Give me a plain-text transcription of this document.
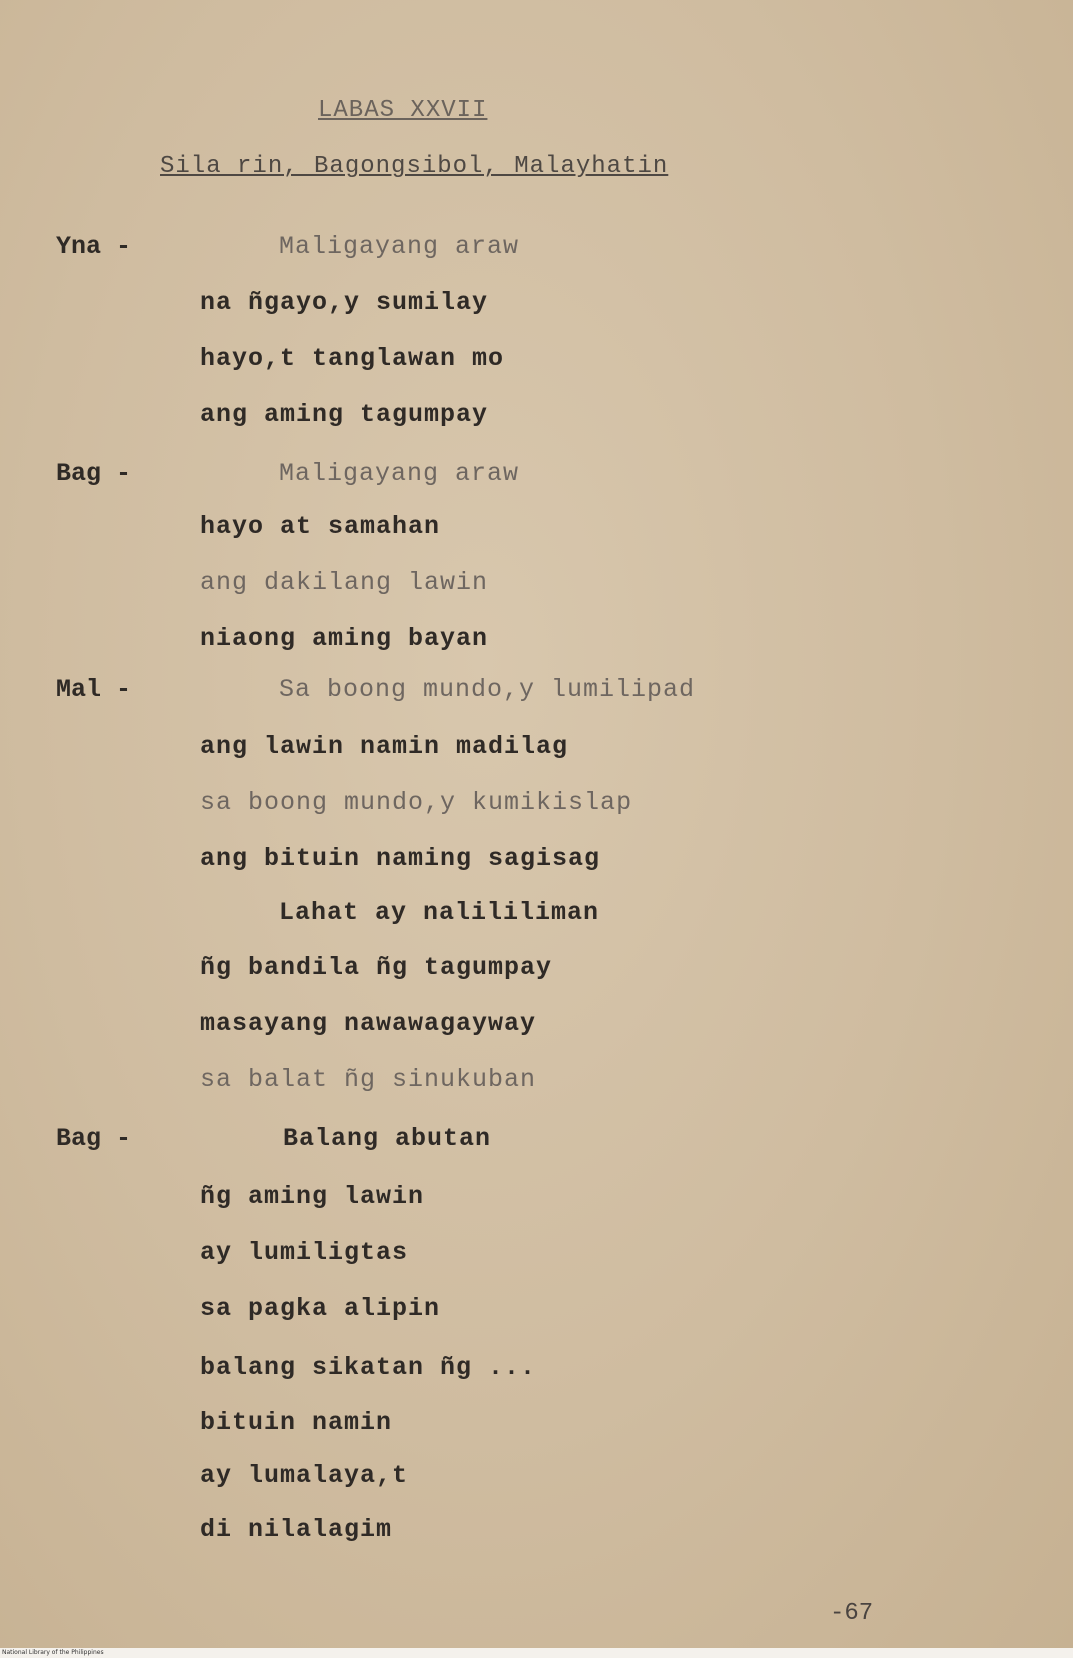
LABAS XXVII
Sila rin, Bagongsibol, Malayhatin
Yna -
Bag -
Mal -
Bag -
Maligayang araw
na ñgayo,y sumilay
hayo,t tanglawan mo
ang aming tagumpay
Maligayang araw
hayo at samahan
ang dakilang lawin
niaong aming bayan
Sa boong mundo,y lumilipad
ang lawin namin madilag
sa boong mundo,y kumikislap
ang bituin naming sagisag
Lahat ay nalililiman
ñg bandila ñg tagumpay
masayang nawawagayway
sa balat ñg sinukuban
Balang abutan
ñg aming lawin
ay lumiligtas
sa pagka alipin
balang sikatan ñg ...
bituin namin
ay lumalaya,t
di nilalagim
-67
National Library of the Philippines
